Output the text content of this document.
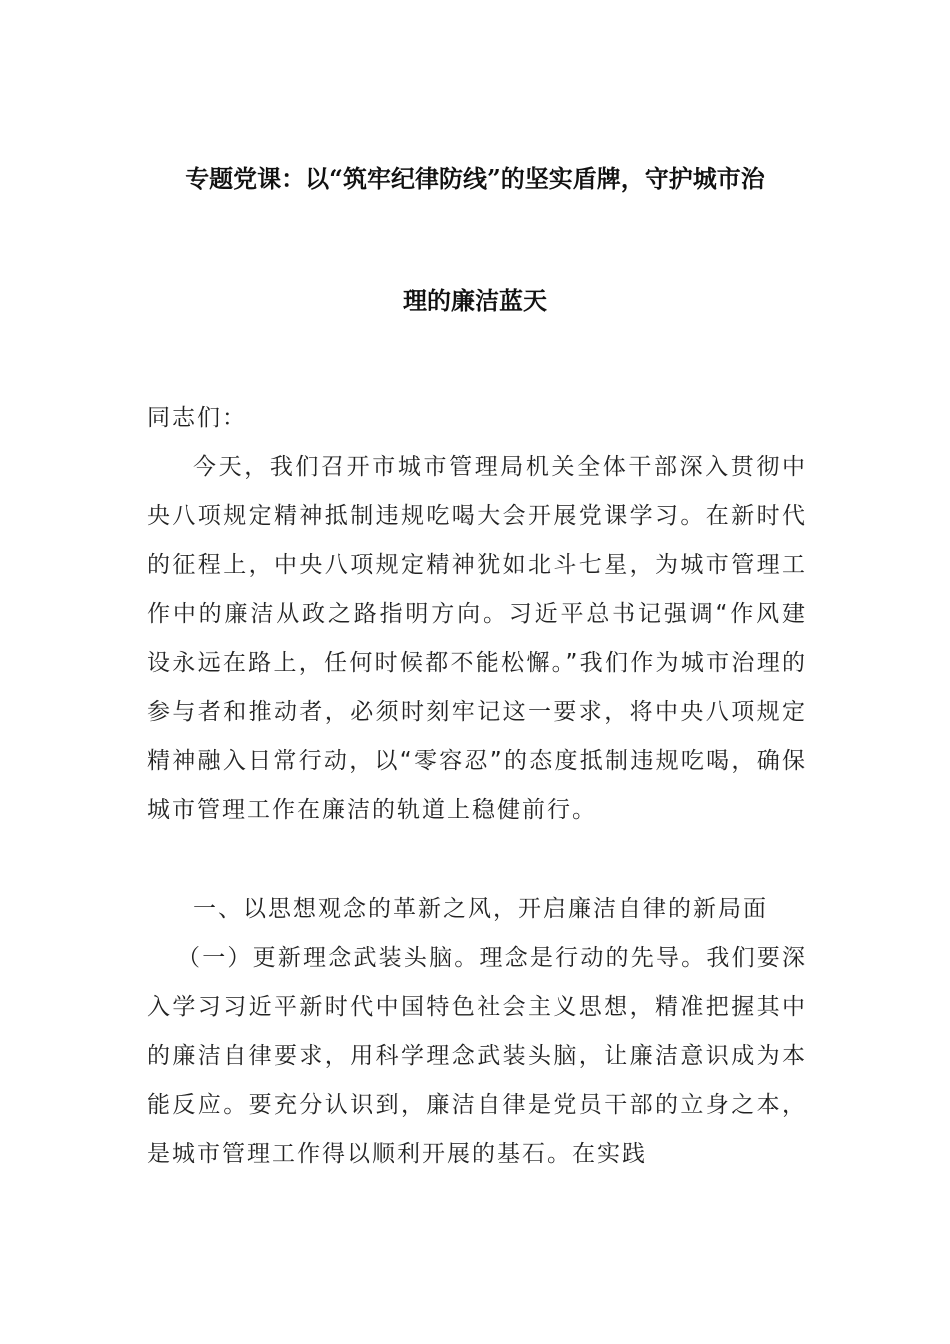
专题党课：以“筑牢纪律防线”的坚实盾牌，守护城市治
理的廉洁蓝天
同志们：
今天，我们召开市城市管理局机关全体干部深入贯彻中央八项规定精神抵制违规吃喝大会开展党课学习。在新时代的征程上，中央八项规定精神犹如北斗七星，为城市管理工作中的廉洁从政之路指明方向。习近平总书记强调“作风建设永远在路上，任何时候都不能松懈。”我们作为城市治理的参与者和推动者，必须时刻牢记这一要求，将中央八项规定精神融入日常行动，以“零容忍”的态度抵制违规吃喝，确保城市管理工作在廉洁的轨道上稳健前行。
一、以思想观念的革新之风，开启廉洁自律的新局面
（一）更新理念武装头脑。理念是行动的先导。我们要深入学习习近平新时代中国特色社会主义思想，精准把握其中的廉洁自律要求，用科学理念武装头脑，让廉洁意识成为本能反应。要充分认识到，廉洁自律是党员干部的立身之本，是城市管理工作得以顺利开展的基石。在实践
